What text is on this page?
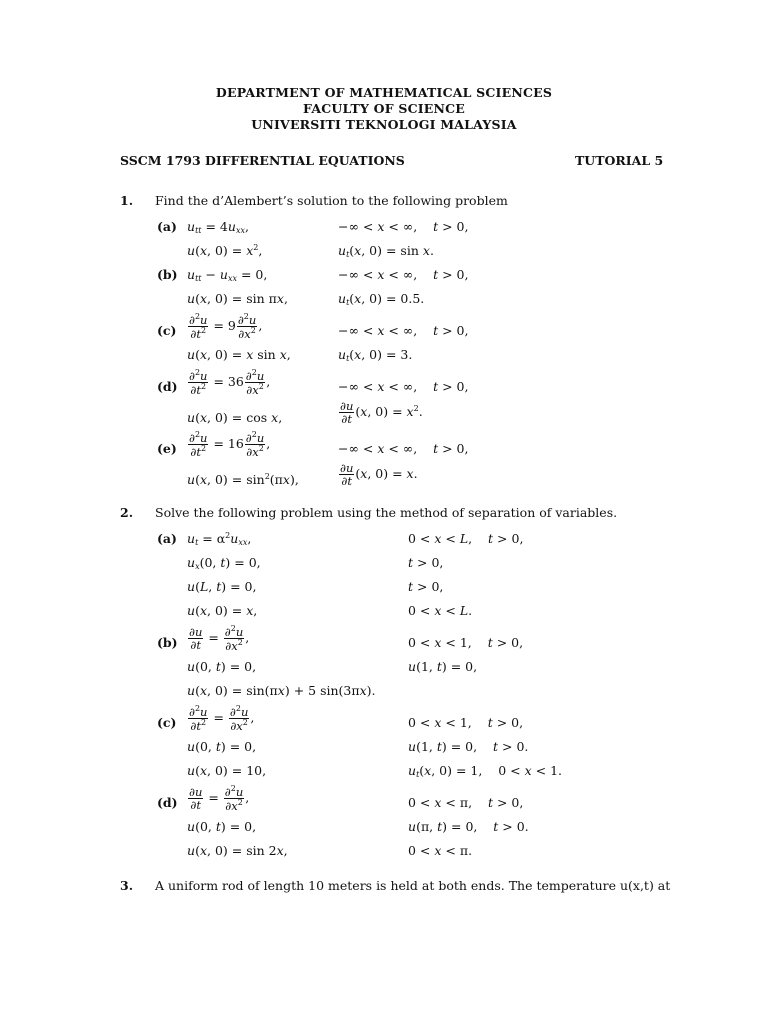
DEPARTMENT OF MATHEMATICAL SCIENCES
FACULTY OF SCIENCE
UNIVERSITI TEKNOLOGI MALAYSIA
SSCM 1793 DIFFERENTIAL EQUATIONS	TUTORIAL 5
1. Find the d’Alembert’s solution to the following problem
(a) $u_{tt} = 4u_{xx}$,	−∞ < x < ∞,    t > 0,
u(x, $0) = x^2$,	$u_t(x$, 0) = sin x.
(b) $u_{tt} - u_{xx} = 0$,	−∞ < x < ∞,    t > 0,
u(x, 0) = sin πx,	$u_t(x$, 0) = 0.5.
$(c) \frac{\partial^2u}{\partial t^2} = 9 \frac{\partial^2u}{\partial x^2}$ ,	−∞ < x < ∞,    t > 0,
u(x, 0) = x sin x,	$u_t(x$, 0) = 3.
$(d) \frac{\partial^2u}{\partial t^2} = 36 \frac{\partial^2u}{\partial x^2}$ ,	−∞ < x < ∞,    t > 0,
u(x, 0) = cos x,	$\frac{\partial u}{\partial t} (x$, $0) = x^2$.
$(e) \frac{\partial^2u}{\partial t^2} = 16 \frac{\partial^2u}{\partial x^2}$ ,	−∞ < x < ∞,    t > 0,
u(x, $0) = \sin^2(\pi x)$,	$\frac{\partial u}{\partial t} (x$, 0) = x.
2. Solve the following problem using the method of separation of variables.
(a) $u_t = \alpha^2u_{xx}$,	0 < x < L,    t > 0,
$u_x(0$, t) = 0,	t > 0,
u(L, t) = 0,	t > 0,
u(x, 0) = x,	0 < x < L.
$(b) \frac{\partial u}{\partial t} = \frac{\partial^2u}{\partial x^2}$ ,	0 < x < 1,    t > 0,
u(0, t) = 0,	u(1, t) = 0,
u(x, 0) = sin(πx) + 5 sin(3πx).
$(c) \frac{\partial^2u}{\partial t^2} = \frac{\partial^2u}{\partial x^2}$ ,	0 < x < 1,    t > 0,
u(0, t) = 0,	u(1, t) = 0,    t > 0.
u(x, 0) = 10,	$u_t(x$, 0) = 1,    0 < x < 1.
$(d) \frac{\partial u}{\partial t} = \frac{\partial^2u}{\partial x^2}$ ,	0 < x < π,    t > 0,
u(0, t) = 0,	u(π, t) = 0,    t > 0.
u(x, 0) = sin 2x,	0 < x < π.
3. A uniform rod of length 10 meters is held at both ends. The temperature u(x,t) at
